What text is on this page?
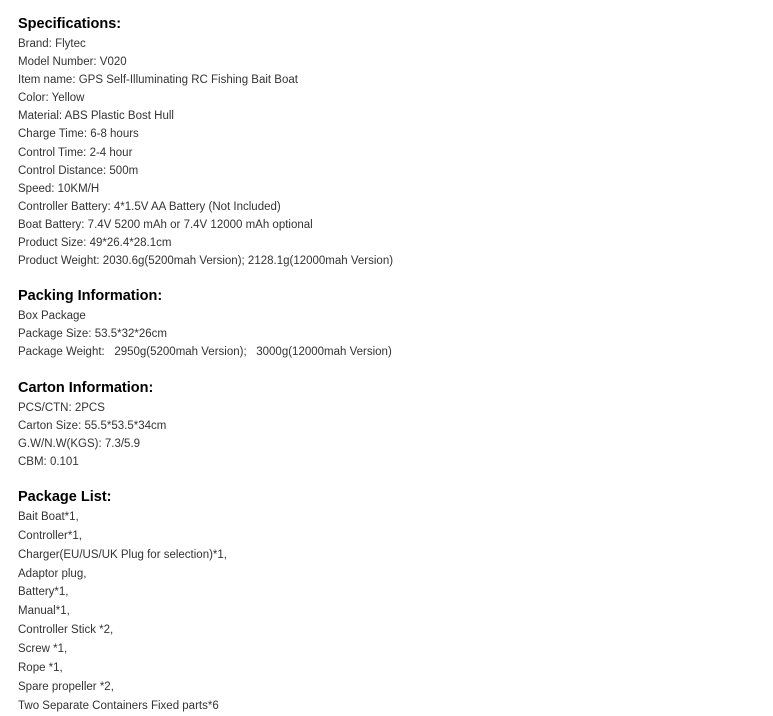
Specifications:
Brand: Flytec
Model Number: V020
Item name: GPS Self-Illuminating RC Fishing Bait Boat
Color: Yellow
Material: ABS Plastic Bost Hull
Charge Time: 6-8 hours
Control Time: 2-4 hour
Control Distance: 500m
Speed: 10KM/H
Controller Battery: 4*1.5V AA Battery (Not Included)
Boat Battery: 7.4V 5200 mAh or 7.4V 12000 mAh optional
Product Size: 49*26.4*28.1cm
Product Weight: 2030.6g(5200mah Version); 2128.1g(12000mah Version)
Packing Information:
Box Package
Package Size: 53.5*32*26cm
Package Weight:   2950g(5200mah Version);   3000g(12000mah Version)
Carton Information:
PCS/CTN: 2PCS
Carton Size: 55.5*53.5*34cm
G.W/N.W(KGS): 7.3/5.9
CBM: 0.101
Package List:
Bait Boat*1,
Controller*1,
Charger(EU/US/UK Plug for selection)*1,
Adaptor plug,
Battery*1,
Manual*1,
Controller Stick *2,
Screw *1,
Rope *1,
Spare propeller *2,
Two Separate Containers Fixed parts*6
